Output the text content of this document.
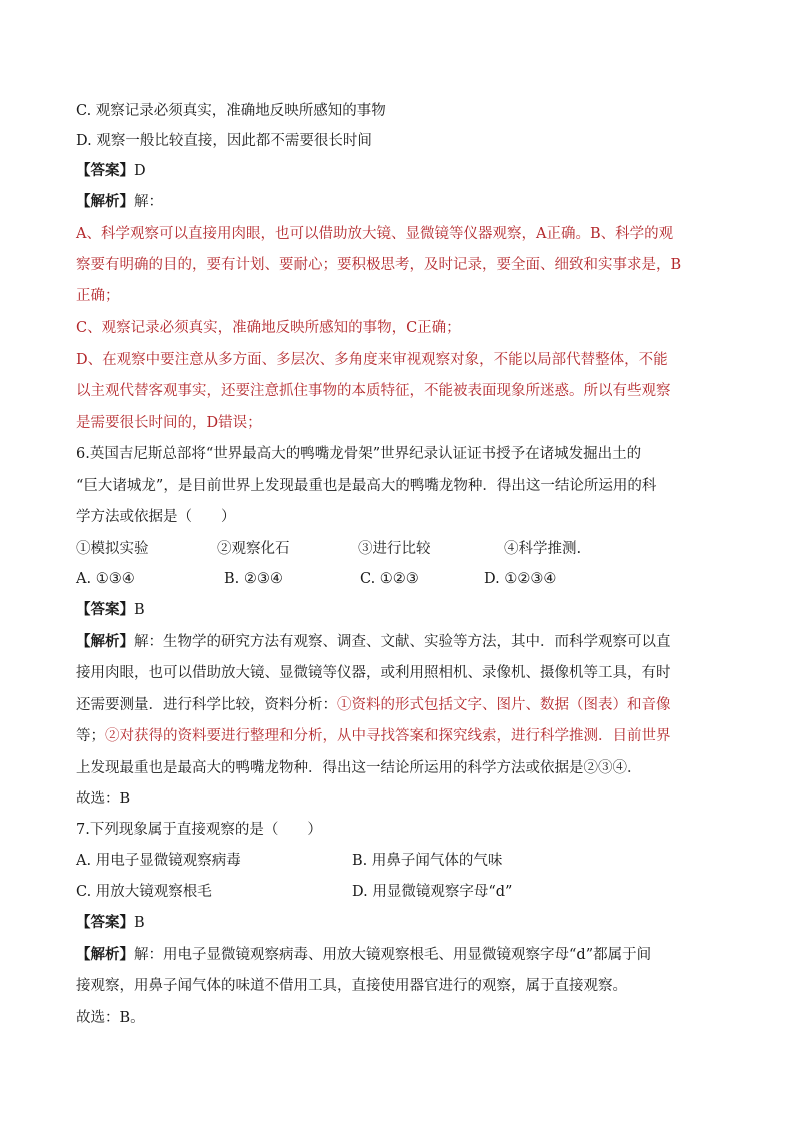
C. 观察记录必须真实，准确地反映所感知的事物
D. 观察一般比较直接，因此都不需要很长时间
【答案】D
【解析】解：
A、科学观察可以直接用肉眼，也可以借助放大镜、显微镜等仪器观察，A正确。B、科学的观
察要有明确的目的，要有计划、要耐心；要积极思考，及时记录，要全面、细致和实事求是，B
正确；
C、观察记录必须真实，准确地反映所感知的事物，C正确；
D、在观察中要注意从多方面、多层次、多角度来审视观察对象，不能以局部代替整体，不能
以主观代替客观事实，还要注意抓住事物的本质特征，不能被表面现象所迷惑。所以有些观察
是需要很长时间的，D错误；
6.英国吉尼斯总部将“世界最高大的鸭嘴龙骨架”世界纪录认证证书授予在诸城发掘出土的
“巨大诸城龙”，是目前世界上发现最重也是最高大的鸭嘴龙物种．得出这一结论所运用的科
学方法或依据是（　　）
①模拟实验	②观察化石	③进行比较	④科学推测.
A. ①③④	B. ②③④	C. ①②③	D. ①②③④
【答案】B
【解析】解：生物学的研究方法有观察、调查、文献、实验等方法，其中．而科学观察可以直
接用肉眼，也可以借助放大镜、显微镜等仪器，或利用照相机、录像机、摄像机等工具，有时
还需要测量．进行科学比较，资料分析：①资料的形式包括文字、图片、数据（图表）和音像
等；②对获得的资料要进行整理和分析，从中寻找答案和探究线索，进行科学推测．目前世界
上发现最重也是最高大的鸭嘴龙物种．得出这一结论所运用的科学方法或依据是②③④．
故选：B
7.下列现象属于直接观察的是（　　）
A. 用电子显微镜观察病毒	B. 用鼻子闻气体的气味
C. 用放大镜观察根毛	D. 用显微镜观察字母“d”
【答案】B
【解析】解：用电子显微镜观察病毒、用放大镜观察根毛、用显微镜观察字母“d”都属于间
接观察，用鼻子闻气体的味道不借用工具，直接使用器官进行的观察，属于直接观察。
故选：B。
